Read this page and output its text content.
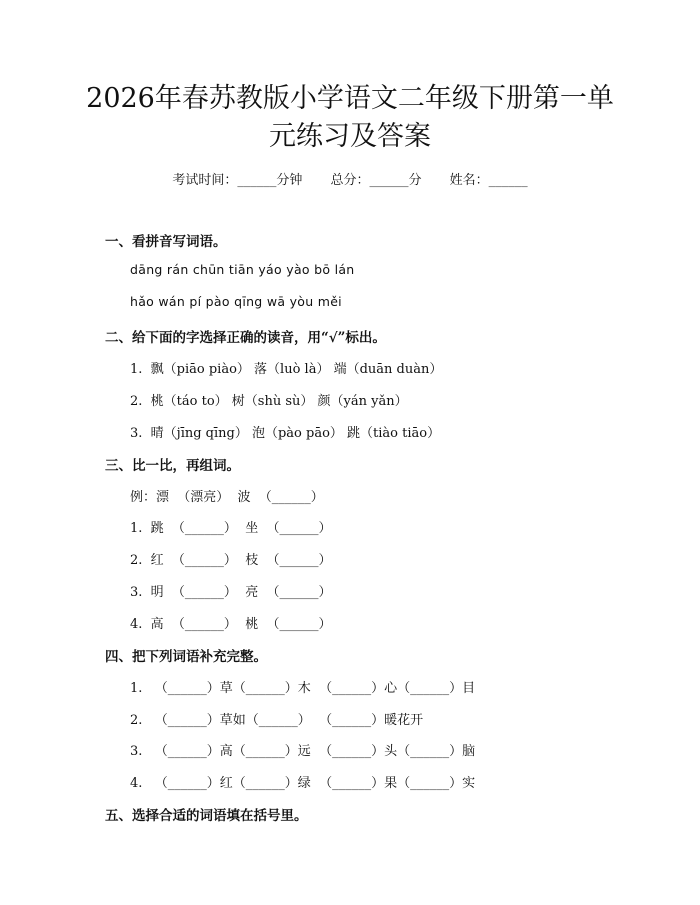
2026年春苏教版小学语文二年级下册第一单
元练习及答案
考试时间：______分钟 总分：______分 姓名：______
一、看拼音写词语。
dāng rán chūn tiān yáo yào bō lán
hǎo wán pí pào qīng wā yòu měi
二、给下面的字选择正确的读音，用“√”标出。
1.  飘（piāo piào） 落（luò là） 端（duān duàn）
2.  桃（táo to） 树（shù sù） 颜（yán yǎn）
3.  晴（jīng qīng） 泡（pào pāo） 跳（tiào tiāo）
三、比一比，再组词。
例：漂  （漂亮）  波  （______）
1.  跳  （______）  坐  （______）
2.  红  （______）  枝  （______）
3.  明  （______）  亮  （______）
4.  高  （______）  桃  （______）
四、把下列词语补充完整。
1.   （______）草（______）木  （______）心（______）目
2.   （______）草如（______）  （______）暖花开
3.   （______）高（______）远  （______）头（______）脑
4.   （______）红（______）绿  （______）果（______）实
五、选择合适的词语填在括号里。
